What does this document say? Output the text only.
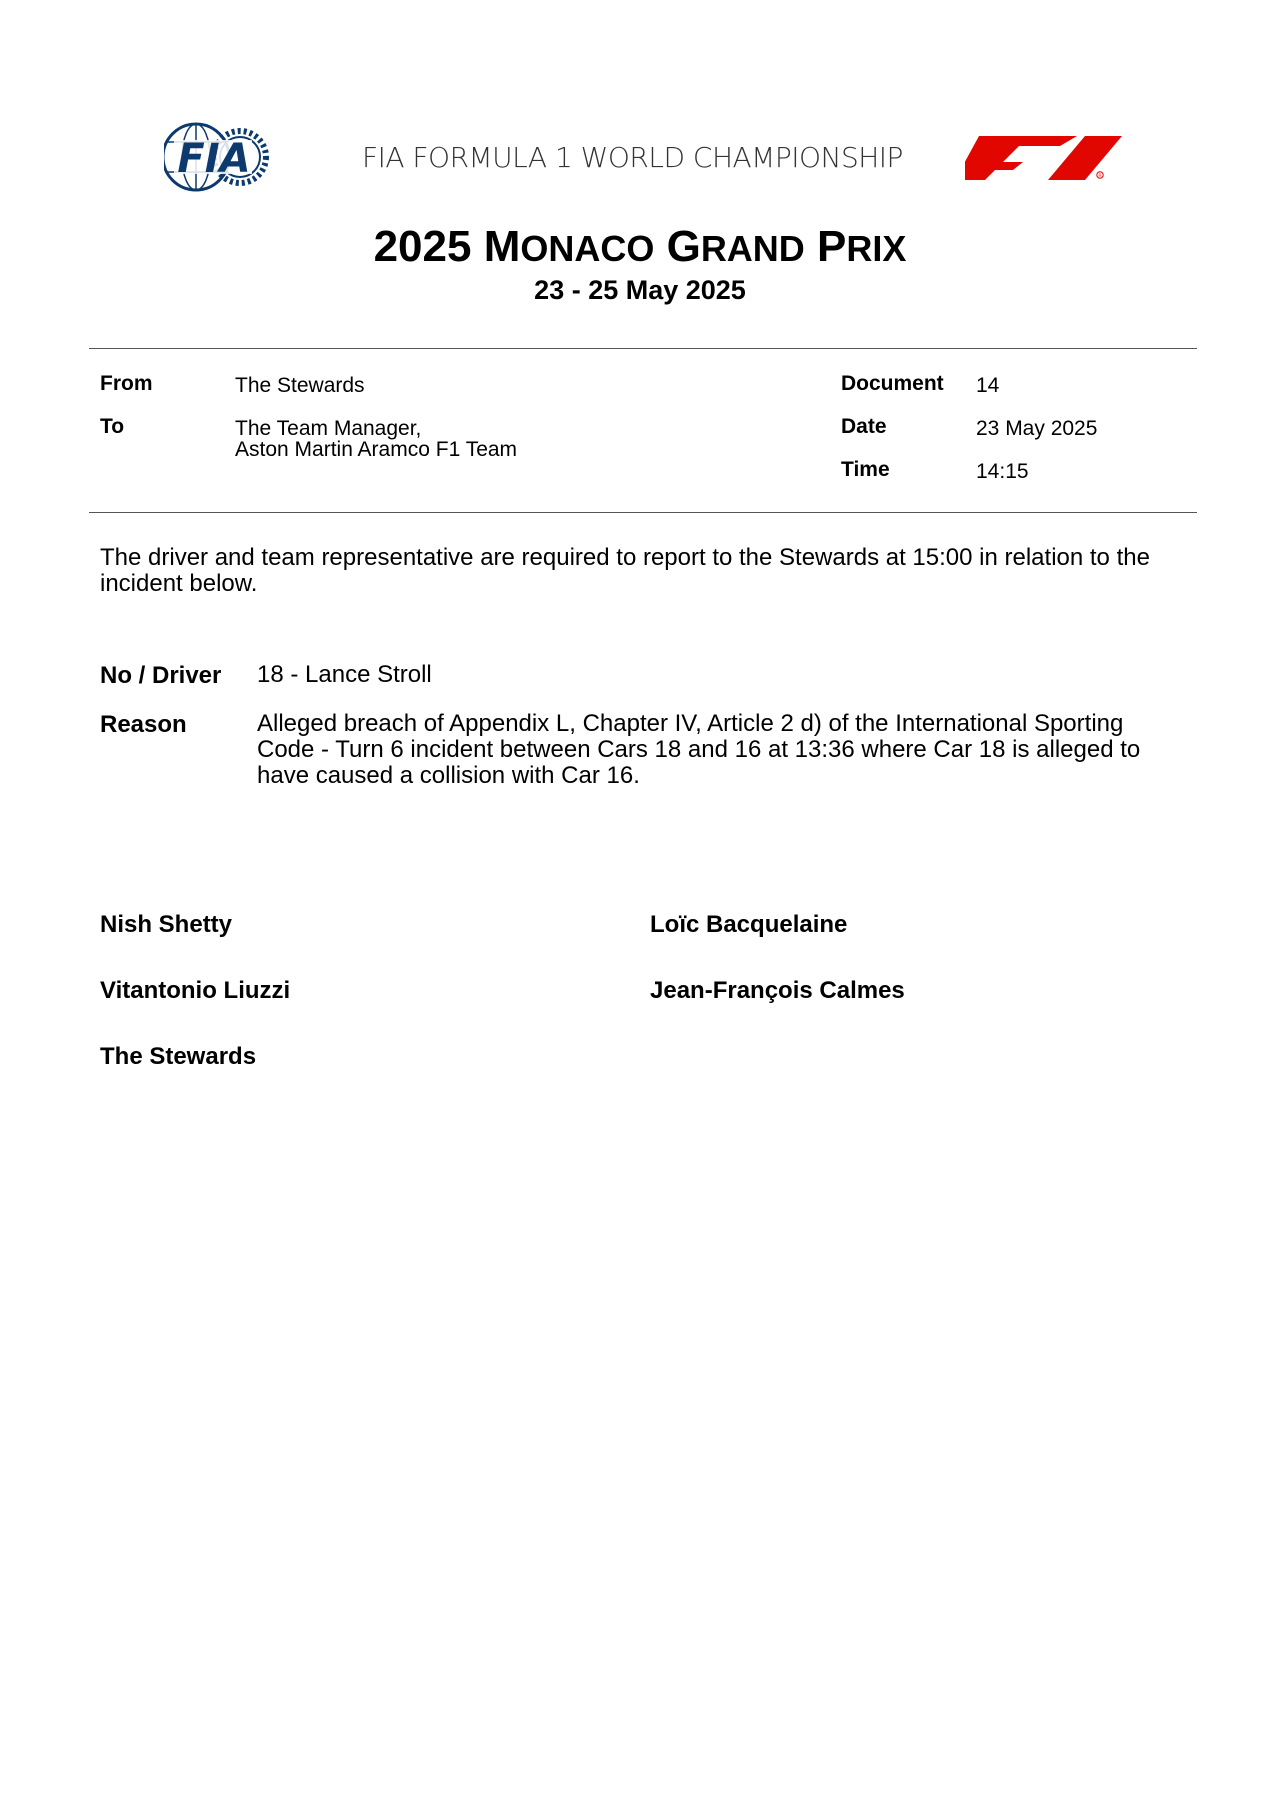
FIA	FIA FORMULA 1 WORLD CHAMPIONSHIP
R
2025 MONACO GRAND PRIX
23 - 25 May 2025
From	The Stewards
To	The Team Manager,
Aston Martin Aramco F1 Team
Document 14
Date	23 May 2025
Time	14:15
The driver and team representative are required to report to the Stewards at 15:00 in relation to the incident below.
No / Driver 18 - Lance Stroll
Reason	Alleged breach of Appendix L, Chapter IV, Article 2 d) of the International Sporting
Code - Turn 6 incident between Cars 18 and 16 at 13:36 where Car 18 is alleged to
have caused a collision with Car 16.
Nish Shetty	Loïc Bacquelaine
Vitantonio Liuzzi	Jean-François Calmes
The Stewards
